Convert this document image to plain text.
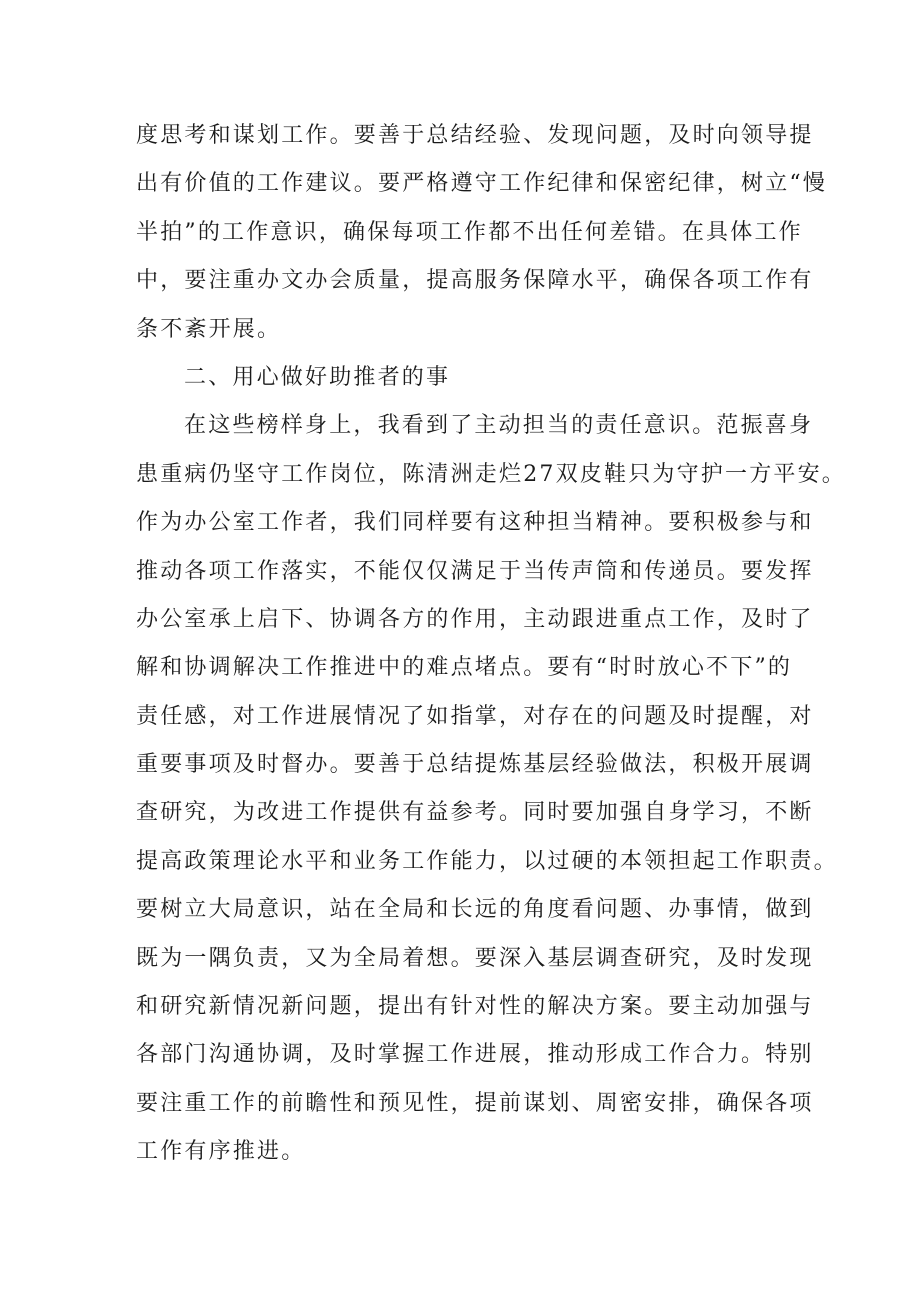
度思考和谋划工作。要善于总结经验、发现问题，及时向领导提
出有价值的工作建议。要严格遵守工作纪律和保密纪律，树立“慢
半拍”的工作意识，确保每项工作都不出任何差错。在具体工作
中，要注重办文办会质量，提高服务保障水平，确保各项工作有
条不紊开展。
二、用心做好助推者的事
在这些榜样身上，我看到了主动担当的责任意识。范振喜身
患重病仍坚守工作岗位，陈清洲走烂27双皮鞋只为守护一方平安。
作为办公室工作者，我们同样要有这种担当精神。要积极参与和
推动各项工作落实，不能仅仅满足于当传声筒和传递员。要发挥
办公室承上启下、协调各方的作用，主动跟进重点工作，及时了
解和协调解决工作推进中的难点堵点。要有“时时放心不下”的
责任感，对工作进展情况了如指掌，对存在的问题及时提醒，对
重要事项及时督办。要善于总结提炼基层经验做法，积极开展调
查研究，为改进工作提供有益参考。同时要加强自身学习，不断
提高政策理论水平和业务工作能力，以过硬的本领担起工作职责。
要树立大局意识，站在全局和长远的角度看问题、办事情，做到
既为一隅负责，又为全局着想。要深入基层调查研究，及时发现
和研究新情况新问题，提出有针对性的解决方案。要主动加强与
各部门沟通协调，及时掌握工作进展，推动形成工作合力。特别
要注重工作的前瞻性和预见性，提前谋划、周密安排，确保各项
工作有序推进。
